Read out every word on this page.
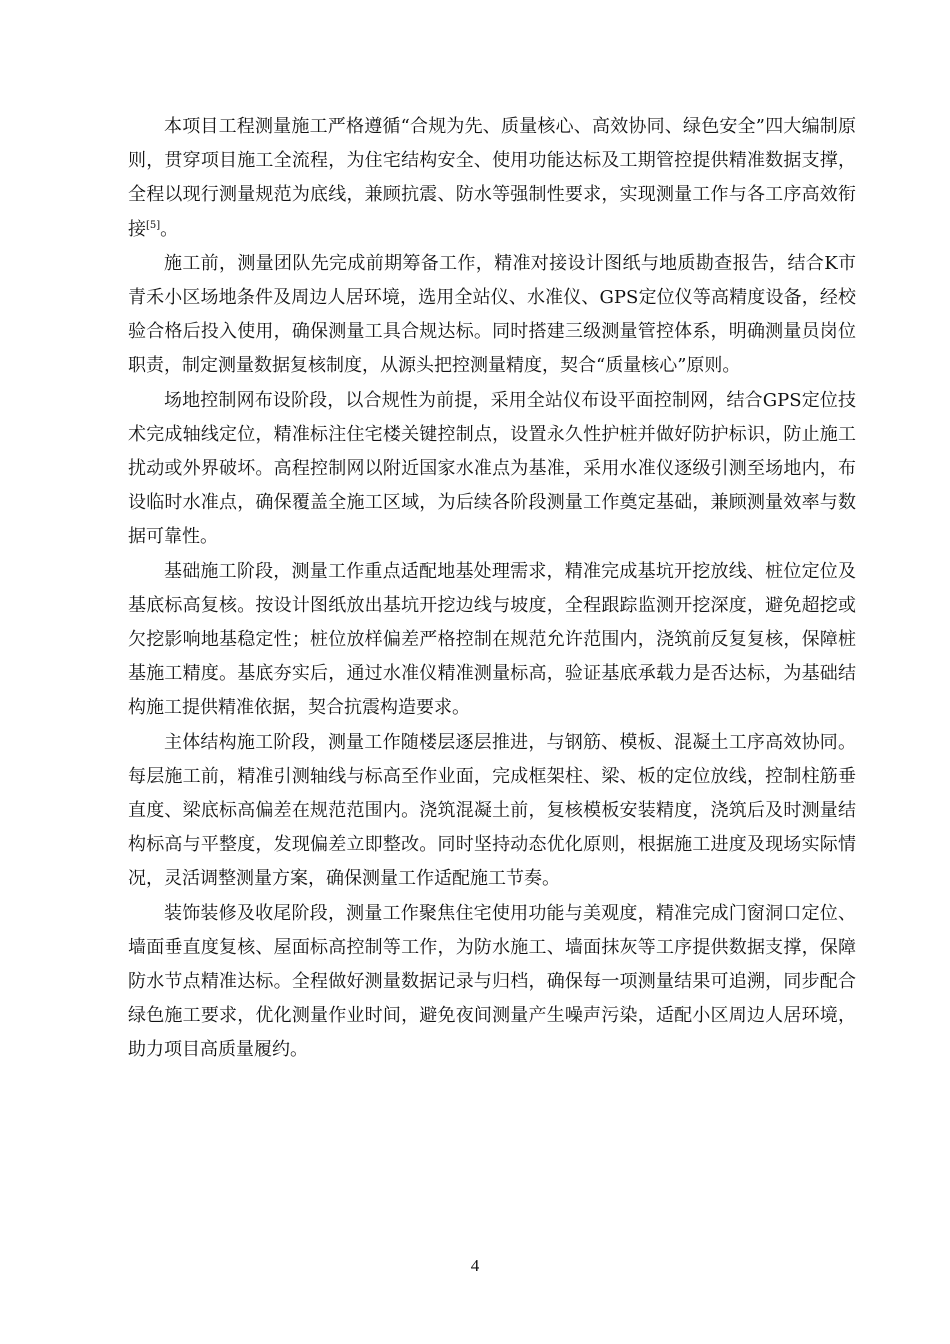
本项目工程测量施工严格遵循“合规为先、质量核心、高效协同、绿色安全”四大编制原则，贯穿项目施工全流程，为住宅结构安全、使用功能达标及工期管控提供精准数据支撑，全程以现行测量规范为底线，兼顾抗震、防水等强制性要求，实现测量工作与各工序高效衔接[5]。

施工前，测量团队先完成前期筹备工作，精准对接设计图纸与地质勘查报告，结合K市青禾小区场地条件及周边人居环境，选用全站仪、水准仪、GPS定位仪等高精度设备，经校验合格后投入使用，确保测量工具合规达标。同时搭建三级测量管控体系，明确测量员岗位职责，制定测量数据复核制度，从源头把控测量精度，契合“质量核心”原则。

场地控制网布设阶段，以合规性为前提，采用全站仪布设平面控制网，结合GPS定位技术完成轴线定位，精准标注住宅楼关键控制点，设置永久性护桩并做好防护标识，防止施工扰动或外界破坏。高程控制网以附近国家水准点为基准，采用水准仪逐级引测至场地内，布设临时水准点，确保覆盖全施工区域，为后续各阶段测量工作奠定基础，兼顾测量效率与数据可靠性。

基础施工阶段，测量工作重点适配地基处理需求，精准完成基坑开挖放线、桩位定位及基底标高复核。按设计图纸放出基坑开挖边线与坡度，全程跟踪监测开挖深度，避免超挖或欠挖影响地基稳定性；桩位放样偏差严格控制在规范允许范围内，浇筑前反复复核，保障桩基施工精度。基底夯实后，通过水准仪精准测量标高，验证基底承载力是否达标，为基础结构施工提供精准依据，契合抗震构造要求。

主体结构施工阶段，测量工作随楼层逐层推进，与钢筋、模板、混凝土工序高效协同。每层施工前，精准引测轴线与标高至作业面，完成框架柱、梁、板的定位放线，控制柱筋垂直度、梁底标高偏差在规范范围内。浇筑混凝土前，复核模板安装精度，浇筑后及时测量结构标高与平整度，发现偏差立即整改。同时坚持动态优化原则，根据施工进度及现场实际情况，灵活调整测量方案，确保测量工作适配施工节奏。

装饰装修及收尾阶段，测量工作聚焦住宅使用功能与美观度，精准完成门窗洞口定位、墙面垂直度复核、屋面标高控制等工作，为防水施工、墙面抹灰等工序提供数据支撑，保障防水节点精准达标。全程做好测量数据记录与归档，确保每一项测量结果可追溯，同步配合绿色施工要求，优化测量作业时间，避免夜间测量产生噪声污染，适配小区周边人居环境，助力项目高质量履约。

4
